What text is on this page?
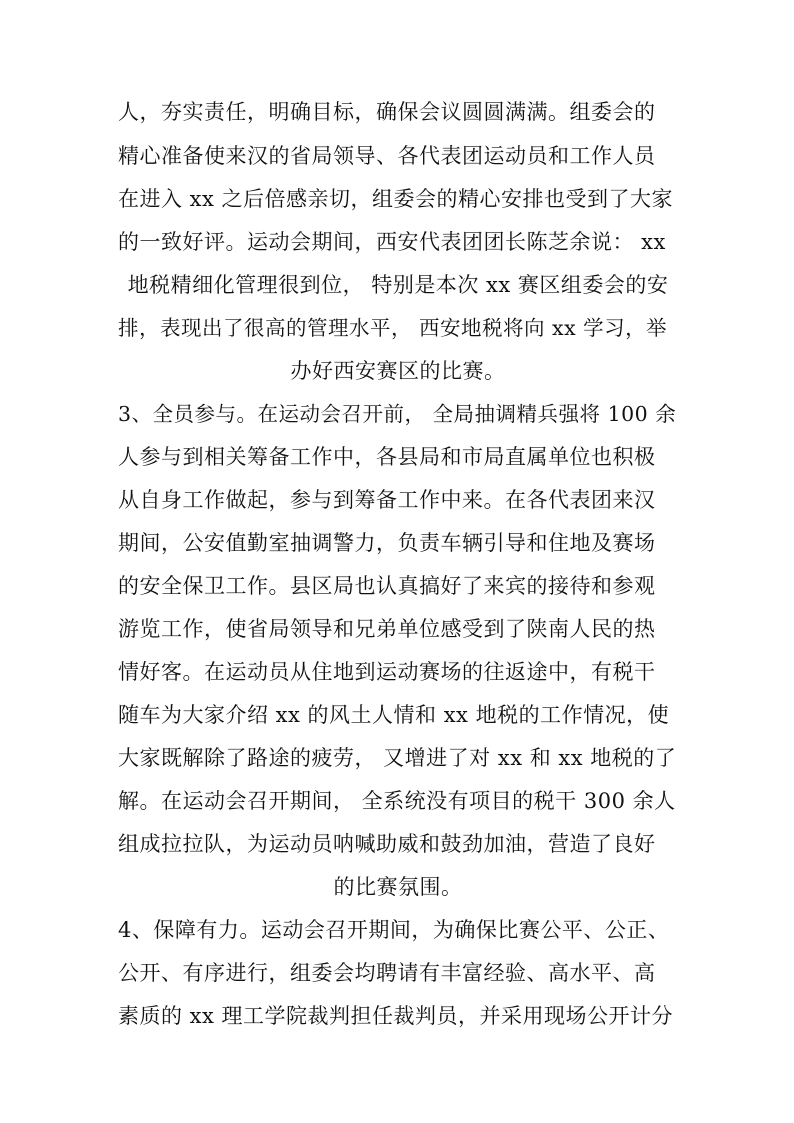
人，夯实责任，明确目标，确保会议圆圆满满。组委会的
精心准备使来汉的省局领导、各代表团运动员和工作人员
在进入 xx 之后倍感亲切，组委会的精心安排也受到了大家
的一致好评。运动会期间，西安代表团团长陈芝余说： xx
地税精细化管理很到位， 特别是本次 xx 赛区组委会的安
排，表现出了很高的管理水平， 西安地税将向 xx 学习，举
办好西安赛区的比赛。
3、全员参与。在运动会召开前， 全局抽调精兵强将 100 余
人参与到相关筹备工作中，各县局和市局直属单位也积极
从自身工作做起，参与到筹备工作中来。在各代表团来汉
期间，公安值勤室抽调警力，负责车辆引导和住地及赛场
的安全保卫工作。县区局也认真搞好了来宾的接待和参观
游览工作，使省局领导和兄弟单位感受到了陕南人民的热
情好客。在运动员从住地到运动赛场的往返途中，有税干
随车为大家介绍 xx 的风土人情和 xx 地税的工作情况，使
大家既解除了路途的疲劳， 又增进了对 xx 和 xx 地税的了
解。在运动会召开期间， 全系统没有项目的税干 300 余人
组成拉拉队，为运动员呐喊助威和鼓劲加油，营造了良好
的比赛氛围。
4、保障有力。运动会召开期间，为确保比赛公平、公正、
公开、有序进行，组委会均聘请有丰富经验、高水平、高
素质的 xx 理工学院裁判担任裁判员，并采用现场公开计分
